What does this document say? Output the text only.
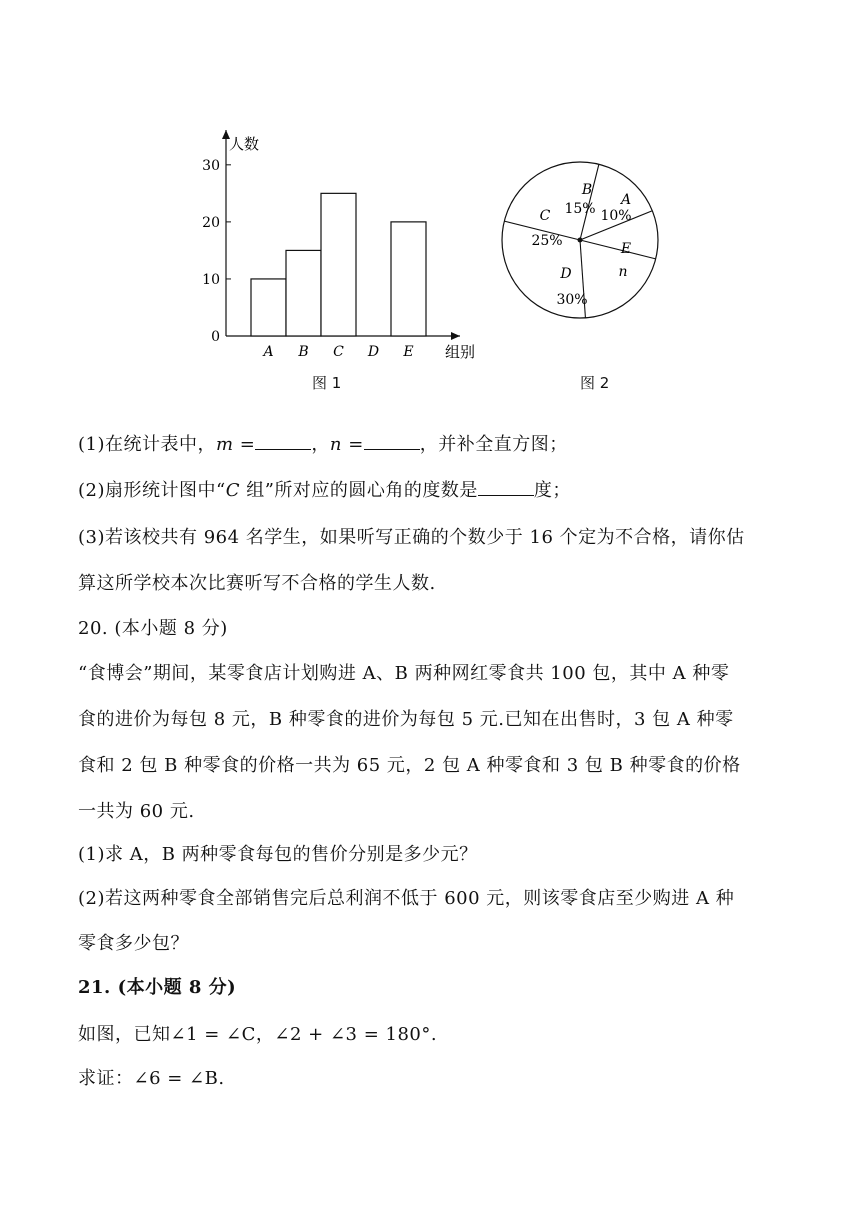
0
10
20
30
A B C D E
人数
组别
图 1
A
10%
B
15%
C
25%
D
30%
E
n
图 2
(1)在统计表中，m =	，n =	，并补全直方图；
(2)扇形统计图中“C 组”所对应的圆心角的度数是	度；
(3)若该校共有 964 名学生，如果听写正确的个数少于 16 个定为不合格，请你估
算这所学校本次比赛听写不合格的学生人数.
20. (本小题 8 分)
“食博会”期间，某零食店计划购进 A、B 两种网红零食共 100 包，其中 A 种零
食的进价为每包 8 元，B 种零食的进价为每包 5 元.已知在出售时，3 包 A 种零
食和 2 包 B 种零食的价格一共为 65 元，2 包 A 种零食和 3 包 B 种零食的价格
一共为 60 元.
(1)求 A，B 两种零食每包的售价分别是多少元？
(2)若这两种零食全部销售完后总利润不低于 600 元，则该零食店至少购进 A 种
零食多少包？
21. (本小题 8 分)
如图，已知∠1 = ∠C，∠2 + ∠3 = 180°.
求证：∠6 = ∠B.
